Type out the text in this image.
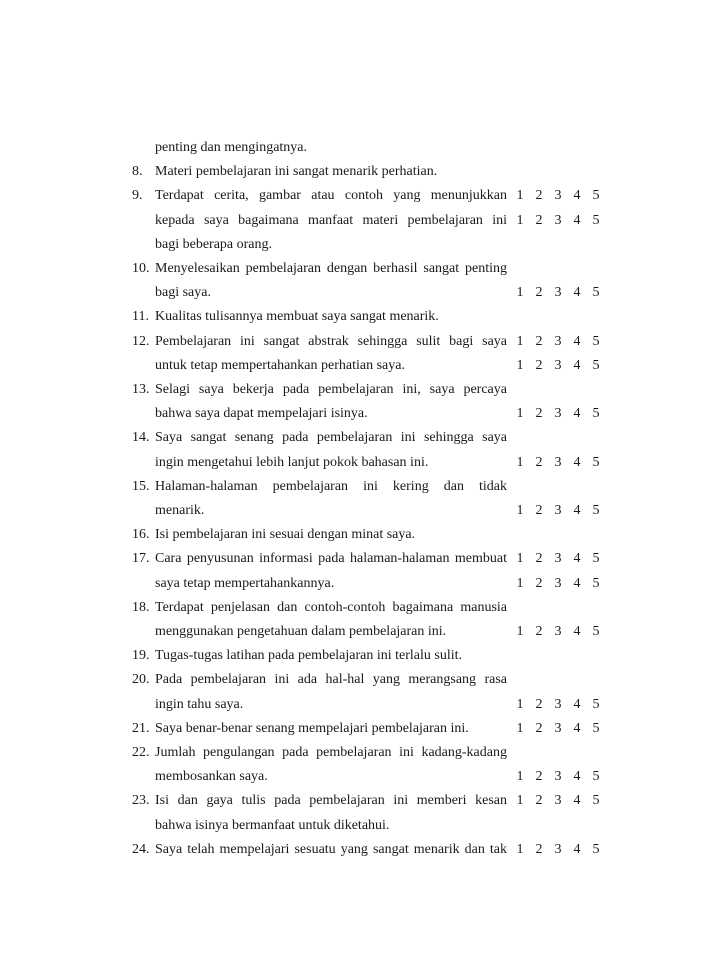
penting dan mengingatnya.
8. Materi pembelajaran ini sangat menarik perhatian.
9. Terdapat cerita, gambar atau contoh yang menunjukkan 1 2 3 4 5
kepada saya bagaimana manfaat materi pembelajaran ini 1 2 3 4 5
bagi beberapa orang.
10. Menyelesaikan pembelajaran dengan berhasil sangat penting
bagi saya.	1 2 3 4 5
11. Kualitas tulisannya membuat saya sangat menarik.
12. Pembelajaran ini sangat abstrak sehingga sulit bagi saya 1 2 3 4 5
untuk tetap mempertahankan perhatian saya.	1 2 3 4 5
13. Selagi saya bekerja pada pembelajaran ini, saya percaya
bahwa saya dapat mempelajari isinya.	1 2 3 4 5
14. Saya sangat senang pada pembelajaran ini sehingga saya
ingin mengetahui lebih lanjut pokok bahasan ini.	1 2 3 4 5
15. Halaman-halaman pembelajaran ini kering dan tidak
menarik.	1 2 3 4 5
16. Isi pembelajaran ini sesuai dengan minat saya.
17. Cara penyusunan informasi pada halaman-halaman membuat 1 2 3 4 5
saya tetap mempertahankannya.	1 2 3 4 5
18. Terdapat penjelasan dan contoh-contoh bagaimana manusia
menggunakan pengetahuan dalam pembelajaran ini.	1 2 3 4 5
19. Tugas-tugas latihan pada pembelajaran ini terlalu sulit.
20. Pada pembelajaran ini ada hal-hal yang merangsang rasa
ingin tahu saya.	1 2 3 4 5
21. Saya benar-benar senang mempelajari pembelajaran ini.	1 2 3 4 5
22. Jumlah pengulangan pada pembelajaran ini kadang-kadang
membosankan saya.	1 2 3 4 5
23. Isi dan gaya tulis pada pembelajaran ini memberi kesan 1 2 3 4 5
bahwa isinya bermanfaat untuk diketahui.
24. Saya telah mempelajari sesuatu yang sangat menarik dan tak 1 2 3 4 5
